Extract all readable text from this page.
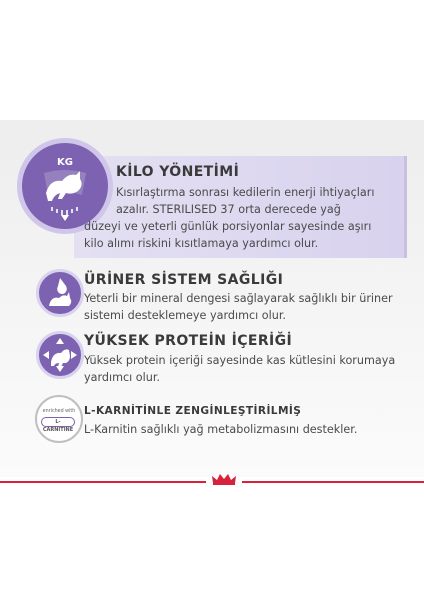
KG
KİLO YÖNETİMİ
Kısırlaştırma sonrası kedilerin enerji ihtiyaçları
azalır. STERILISED 37 orta derecede yağ
düzeyi ve yeterli günlük porsiyonlar sayesinde aşırı
kilo alımı riskini kısıtlamaya yardımcı olur.
ÜRİNER SİSTEM SAĞLIĞI
Yeterli bir mineral dengesi sağlayarak sağlıklı bir üriner
sistemi desteklemeye yardımcı olur.
YÜKSEK PROTEİN İÇERİĞİ
Yüksek protein içeriği sayesinde kas kütlesini korumaya
yardımcı olur.
enriched with
L-CARNITINE
L-KARNİTİNLE ZENGİNLEŞTİRİLMİŞ
L-Karnitin sağlıklı yağ metabolizmasını destekler.
